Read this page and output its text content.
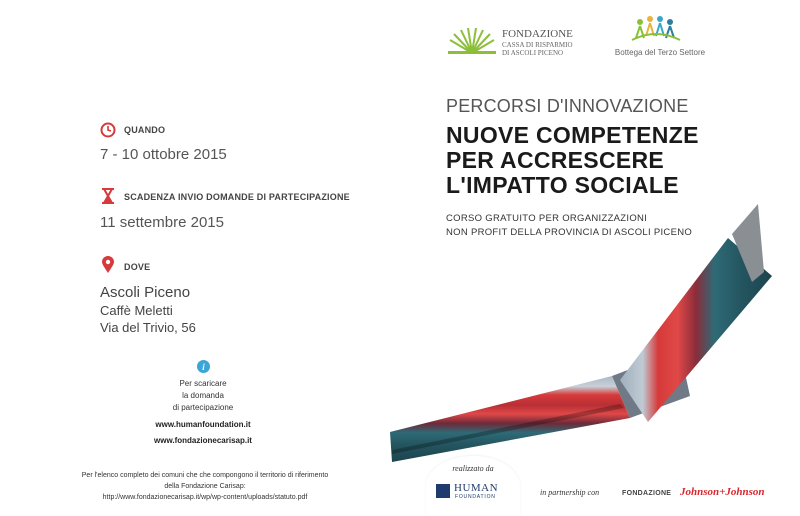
FONDAZIONE
CASSA DI RISPARMIO
DI ASCOLI PICENO	Bottega del Terzo Settore
QUANDO
7 - 10 ottobre 2015
SCADENZA INVIO DOMANDE DI PARTECIPAZIONE
11 settembre 2015
DOVE
Ascoli Piceno
Caffè Meletti
Via del Trivio, 56
i
Per scaricare
la domanda
di partecipazione
www.humanfoundation.it
www.fondazionecarisap.it
Per l'elenco completo dei comuni che che compongono il territorio di riferimento
della Fondazione Carisap:
http://www.fondazionecarisap.it/wp/wp-content/uploads/statuto.pdf
PERCORSI D'INNOVAZIONE
NUOVE COMPETENZE
PER ACCRESCERE
L'IMPATTO SOCIALE
CORSO GRATUITO PER ORGANIZZAZIONI
NON PROFIT DELLA PROVINCIA DI ASCOLI PICENO
realizzato da
HUMAN
FOUNDATION	in partnership con	FONDAZIONE Johnson+Johnson
